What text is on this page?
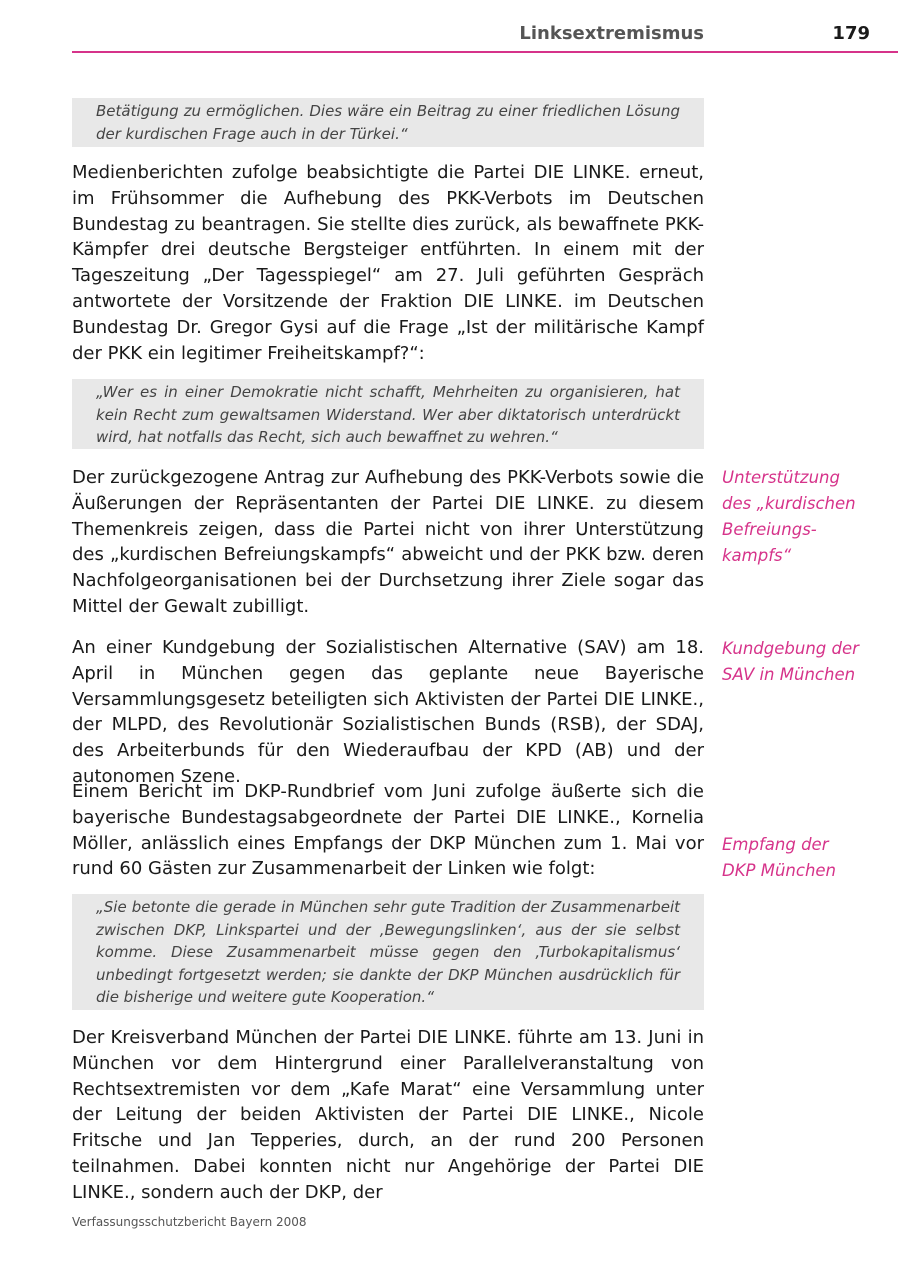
Linksextremismus	179

Betätigung zu ermöglichen. Dies wäre ein Beitrag zu einer friedlichen Lösung der kurdischen Frage auch in der Türkei.“

Medienberichten zufolge beabsichtigte die Partei DIE LINKE. erneut, im Frühsommer die Aufhebung des PKK-Verbots im Deutschen Bundestag zu beantragen. Sie stellte dies zurück, als bewaffnete PKK-Kämpfer drei deutsche Bergsteiger entführten. In einem mit der Tageszeitung „Der Tagesspiegel“ am 27. Juli geführten Gespräch antwortete der Vorsitzende der Fraktion DIE LINKE. im Deutschen Bundestag Dr. Gregor Gysi auf die Frage „Ist der militärische Kampf der PKK ein legitimer Freiheitskampf?“:

„Wer es in einer Demokratie nicht schafft, Mehrheiten zu organisieren, hat kein Recht zum gewaltsamen Widerstand. Wer aber diktatorisch unterdrückt wird, hat notfalls das Recht, sich auch bewaffnet zu wehren.“

Der zurückgezogene Antrag zur Aufhebung des PKK-Verbots sowie die Äußerungen der Repräsentanten der Partei DIE LINKE. zu diesem Themenkreis zeigen, dass die Partei nicht von ihrer Unterstützung des „kurdischen Befreiungskampfs“ abweicht und der PKK bzw. deren Nachfolgeorganisationen bei der Durchsetzung ihrer Ziele sogar das Mittel der Gewalt zubilligt.

Unterstützung
des „kurdischen
Befreiungs-
kampfs“

An einer Kundgebung der Sozialistischen Alternative (SAV) am 18. April in München gegen das geplante neue Bayerische Versammlungsgesetz beteiligten sich Aktivisten der Partei DIE LINKE., der MLPD, des Revolutionär Sozialistischen Bunds (RSB), der SDAJ, des Arbeiterbunds für den Wiederaufbau der KPD (AB) und der autonomen Szene.

Kundgebung der
SAV in München

Einem Bericht im DKP-Rundbrief vom Juni zufolge äußerte sich die bayerische Bundestagsabgeordnete der Partei DIE LINKE., Kornelia Möller, anlässlich eines Empfangs der DKP München zum 1. Mai vor rund 60 Gästen zur Zusammenarbeit der Linken wie folgt:

Empfang der
DKP München

„Sie betonte die gerade in München sehr gute Tradition der Zusammenarbeit zwischen DKP, Linkspartei und der ‚Bewegungslinken‘, aus der sie selbst komme. Diese Zusammenarbeit müsse gegen den ‚Turbokapitalismus‘ unbedingt fortgesetzt werden; sie dankte der DKP München ausdrücklich für die bisherige und weitere gute Kooperation.“

Der Kreisverband München der Partei DIE LINKE. führte am 13. Juni in München vor dem Hintergrund einer Parallelveranstaltung von Rechtsextremisten vor dem „Kafe Marat“ eine Versammlung unter der Leitung der beiden Aktivisten der Partei DIE LINKE., Nicole Fritsche und Jan Tepperies, durch, an der rund 200 Personen teilnahmen. Dabei konnten nicht nur Angehörige der Partei DIE LINKE., sondern auch der DKP, der

Verfassungsschutzbericht Bayern 2008
